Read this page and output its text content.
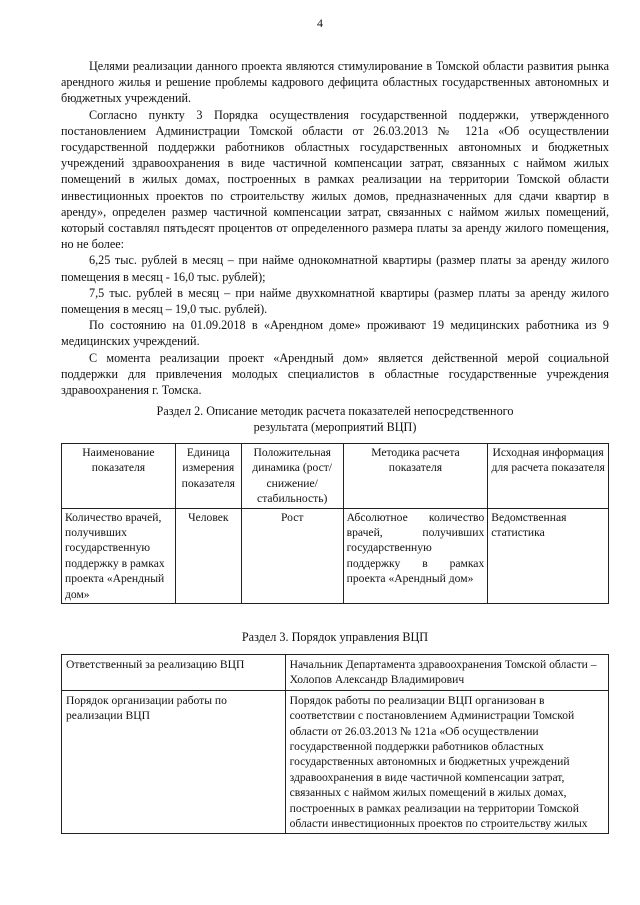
4

Целями реализации данного проекта являются стимулирование в Томской области развития рынка арендного жилья и решение проблемы кадрового дефицита областных государственных автономных и бюджетных учреждений.

Согласно пункту 3 Порядка осуществления государственной поддержки, утвержденного постановлением Администрации Томской области от 26.03.2013 № 121а «Об осуществлении государственной поддержки работников областных государственных автономных и бюджетных учреждений здравоохранения в виде частичной компенсации затрат, связанных с наймом жилых помещений в жилых домах, построенных в рамках реализации на территории Томской области инвестиционных проектов по строительству жилых домов, предназначенных для сдачи квартир в аренду», определен размер частичной компенсации затрат, связанных с наймом жилых помещений, который составлял пятьдесят процентов от определенного размера платы за аренду жилого помещения, но не более:

6,25 тыс. рублей в месяц – при найме однокомнатной квартиры (размер платы за аренду жилого помещения в месяц - 16,0 тыс. рублей);

7,5 тыс. рублей в месяц – при найме двухкомнатной квартиры (размер платы за аренду жилого помещения в месяц – 19,0 тыс. рублей).

По состоянию на 01.09.2018 в «Арендном доме» проживают 19 медицинских работника из 9 медицинских учреждений.

С момента реализации проект «Арендный дом» является действенной мерой социальной поддержки для привлечения молодых специалистов в областные государственные учреждения здравоохранения г. Томска.

Раздел 2. Описание методик расчета показателей непосредственного
результата (мероприятий ВЦП)
Наименование показателя	Единица измерения показателя	Положительная динамика (рост/снижение/ стабильность)	Методика расчета показателя	Исходная информация для расчета показателя
Количество врачей, получивших государственную поддержку в рамках проекта «Арендный дом»	Человек	Рост	Абсолютное количество врачей, получивших государственную поддержку в рамках проекта «Арендный дом»	Ведомственная статистика
Раздел 3. Порядок управления ВЦП
Ответственный за реализацию ВЦП	Начальник Департамента здравоохранения Томской области – Холопов Александр Владимирович
Порядок организации работы по реализации ВЦП	Порядок работы по реализации ВЦП организован в соответствии с постановлением Администрации Томской области от 26.03.2013 № 121а «Об осуществлении государственной поддержки работников областных государственных автономных и бюджетных учреждений здравоохранения в виде частичной компенсации затрат, связанных с наймом жилых помещений в жилых домах, построенных в рамках реализации на территории Томской области инвестиционных проектов по строительству жилых
